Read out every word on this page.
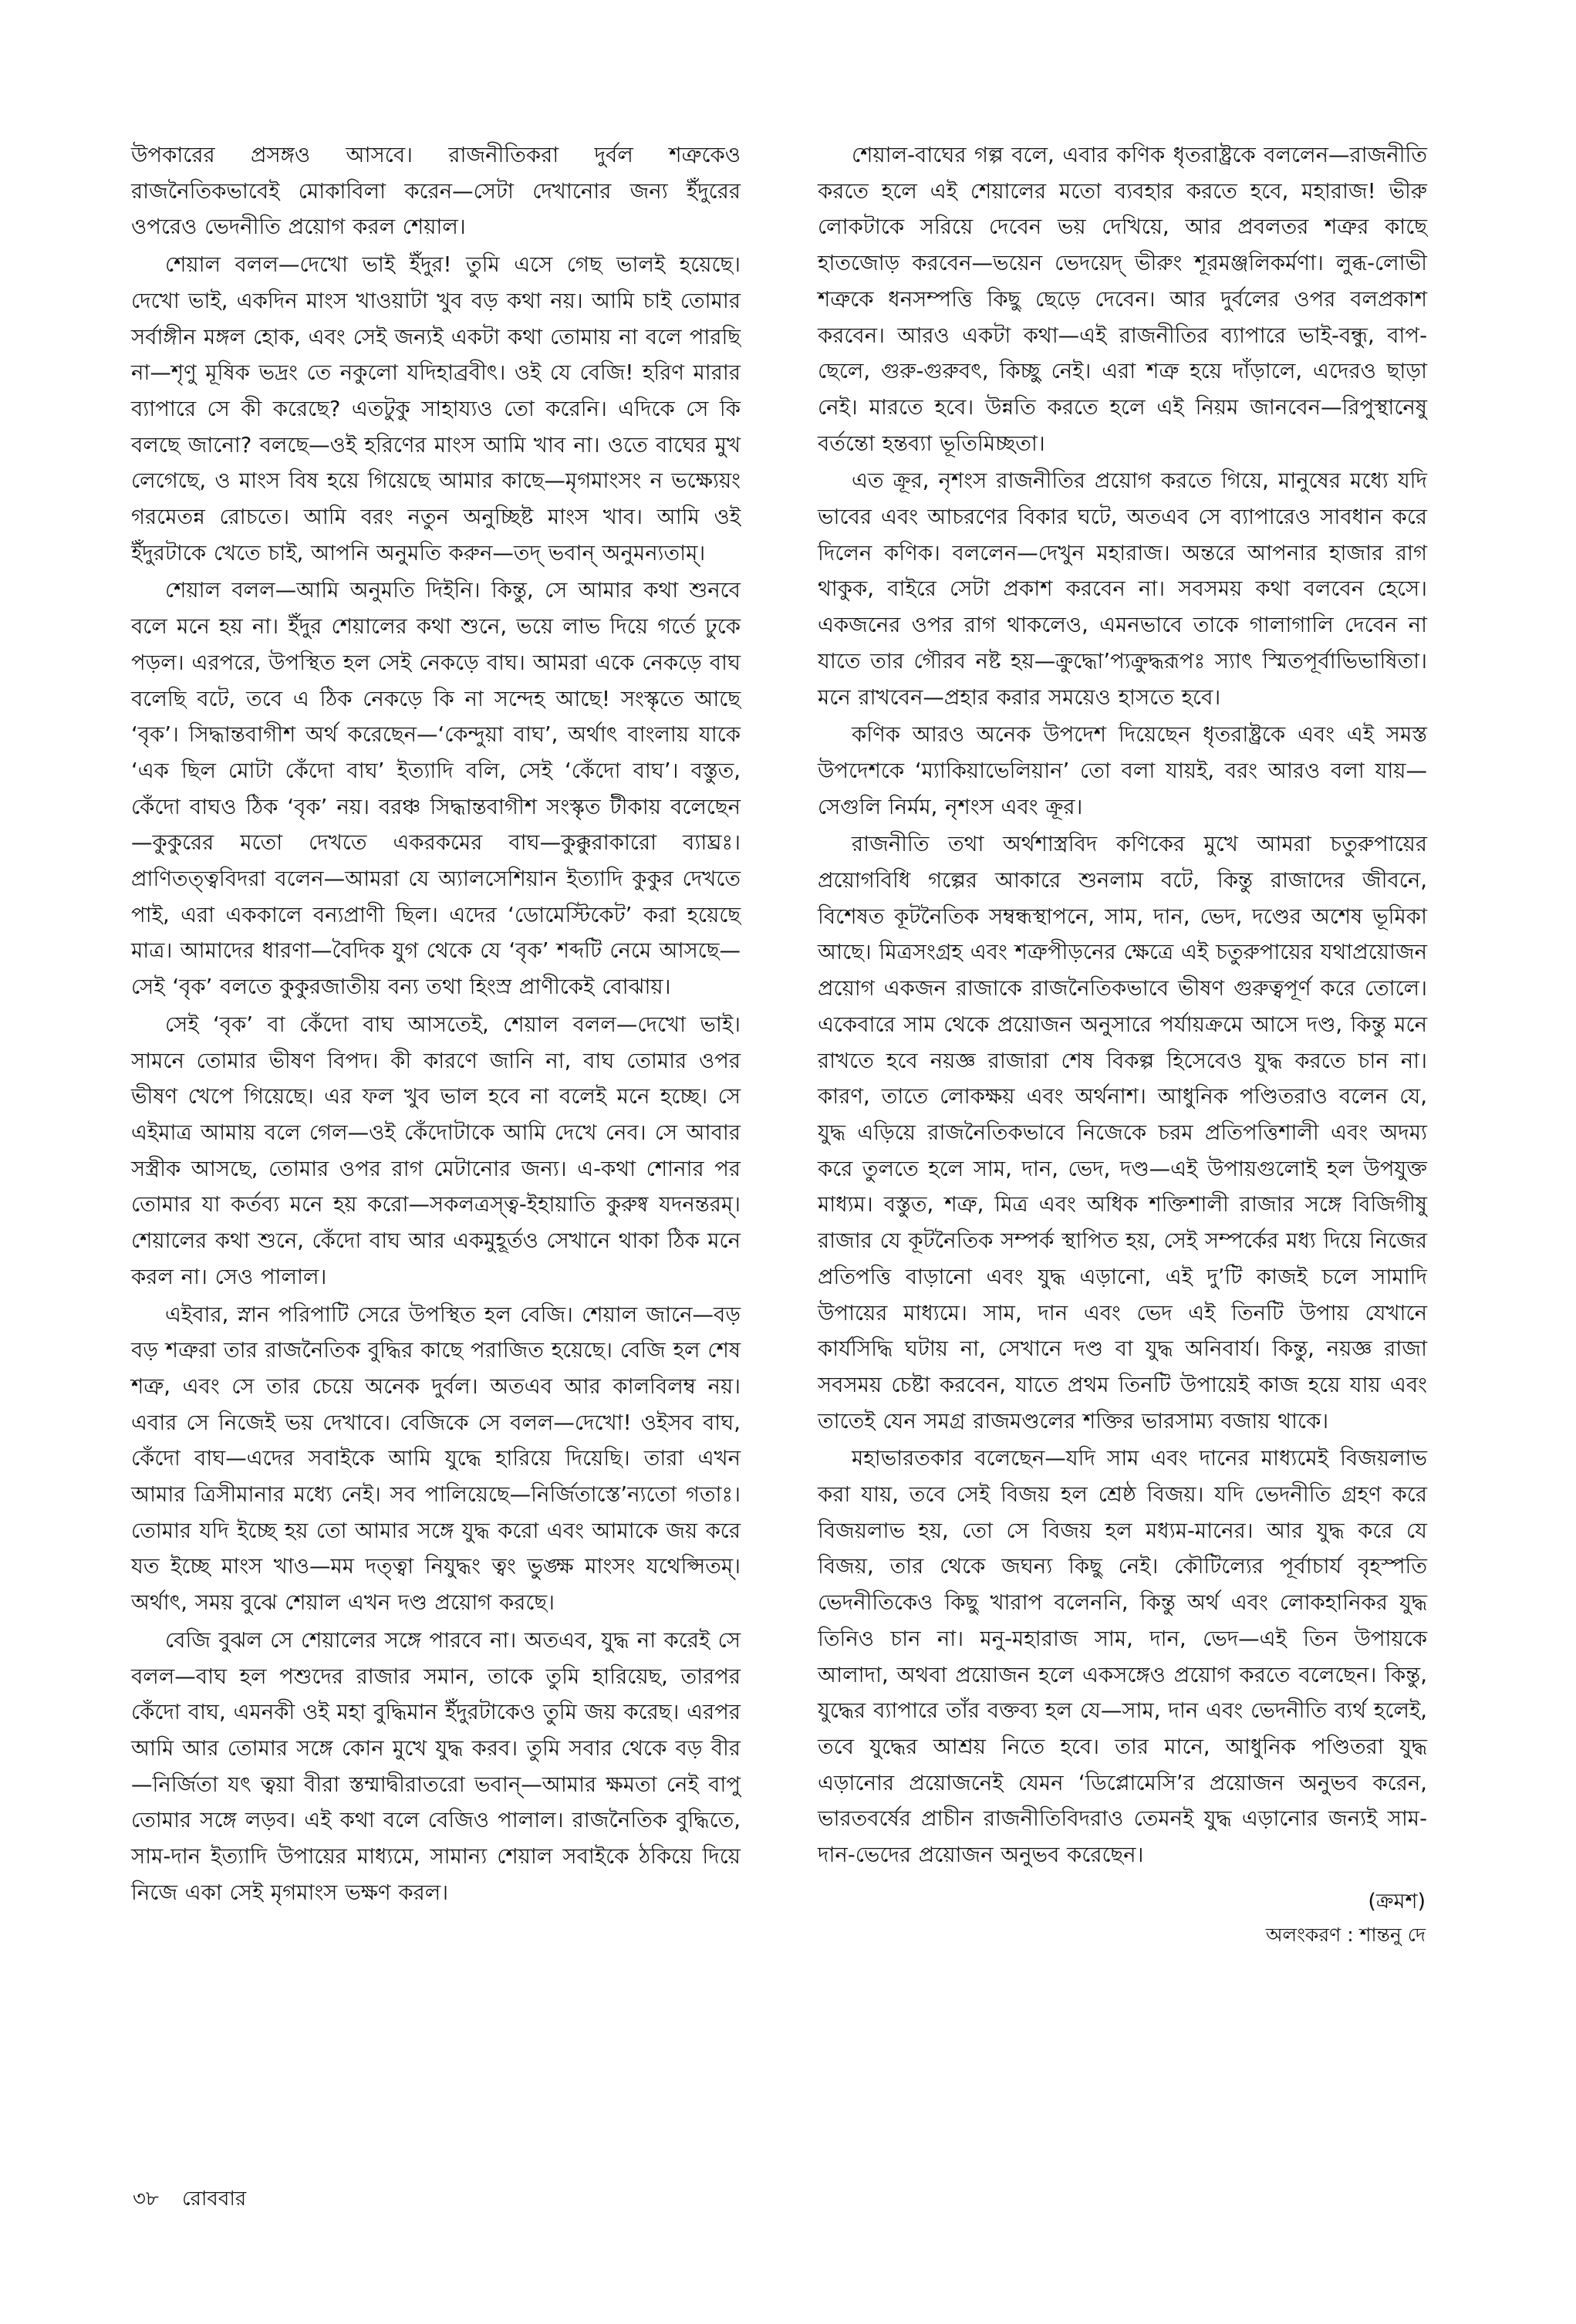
উপকারের প্রসঙ্গও আসবে। রাজনীতিকরা দুর্বল শত্রুকেও রাজনৈতিকভাবেই মোকাবিলা করেন—সেটা দেখানোর জন্য ইঁদুরের ওপরেও ভেদনীতি প্রয়োগ করল শেয়াল।

শেয়াল বলল—দেখো ভাই ইঁদুর! তুমি এসে গেছ ভালই হয়েছে। দেখো ভাই, একদিন মাংস খাওয়াটা খুব বড় কথা নয়। আমি চাই তোমার সর্বাঙ্গীন মঙ্গল হোক, এবং সেই জন্যই একটা কথা তোমায় না বলে পারছি না—শৃণু মূষিক ভদ্রং তে নকুলো যদিহাব্রবীৎ। ওই যে বেজি! হরিণ মারার ব্যাপারে সে কী করেছে? এতটুকু সাহায্যও তো করেনি। এদিকে সে কি বলছে জানো? বলছে—ওই হরিণের মাংস আমি খাব না। ওতে বাঘের মুখ লেগেছে, ও মাংস বিষ হয়ে গিয়েছে আমার কাছে—মৃগমাংসং ন ভক্ষ্যেয়ং গরমেতন্ন রোচতে। আমি বরং নতুন অনুচ্ছিষ্ট মাংস খাব। আমি ওই ইঁদুরটাকে খেতে চাই, আপনি অনুমতি করুন—তদ্ ভবান্ অনুমন্যতাম্।

শেয়াল বলল—আমি অনুমতি দিইনি। কিন্তু, সে আমার কথা শুনবে বলে মনে হয় না। ইঁদুর শেয়ালের কথা শুনে, ভয়ে লাভ দিয়ে গর্তে ঢুকে পড়ল। এরপরে, উপস্থিত হল সেই নেকড়ে বাঘ। আমরা একে নেকড়ে বাঘ বলেছি বটে, তবে এ ঠিক নেকড়ে কি না সন্দেহ আছে! সংস্কৃতে আছে ‘বৃক’। সিদ্ধান্তবাগীশ অর্থ করেছেন—‘কেন্দুয়া বাঘ’, অর্থাৎ বাংলায় যাকে ‘এক ছিল মোটা কেঁদো বাঘ’ ইত্যাদি বলি, সেই ‘কেঁদো বাঘ’। বস্তুত, কেঁদো বাঘও ঠিক ‘বৃক’ নয়। বরঞ্চ সিদ্ধান্তবাগীশ সংস্কৃত টীকায় বলেছেন—কুকুরের মতো দেখতে একরকমের বাঘ—কুক্কুরাকারো ব্যাঘ্রঃ। প্রাণিতত্ত্ববিদরা বলেন—আমরা যে অ্যালসেশিয়ান ইত্যাদি কুকুর দেখতে পাই, এরা এককালে বন্যপ্রাণী ছিল। এদের ‘ডোমেস্টিকেট’ করা হয়েছে মাত্র। আমাদের ধারণা—বৈদিক যুগ থেকে যে ‘বৃক’ শব্দটি নেমে আসছে—সেই ‘বৃক’ বলতে কুকুরজাতীয় বন্য তথা হিংস্র প্রাণীকেই বোঝায়।

সেই ‘বৃক’ বা কেঁদো বাঘ আসতেই, শেয়াল বলল—দেখো ভাই। সামনে তোমার ভীষণ বিপদ। কী কারণে জানি না, বাঘ তোমার ওপর ভীষণ খেপে গিয়েছে। এর ফল খুব ভাল হবে না বলেই মনে হচ্ছে। সে এইমাত্র আমায় বলে গেল—ওই কেঁদোটাকে আমি দেখে নেব। সে আবার সস্ত্রীক আসছে, তোমার ওপর রাগ মেটানোর জন্য। এ-কথা শোনার পর তোমার যা কর্তব্য মনে হয় করো—সকলত্রস্ত্ব-ইহায়াতি কুরুষ্ব যদনন্তরম্। শেয়ালের কথা শুনে, কেঁদো বাঘ আর একমুহূর্তও সেখানে থাকা ঠিক মনে করল না। সেও পালাল।

এইবার, স্নান পরিপাটি সেরে উপস্থিত হল বেজি। শেয়াল জানে—বড় বড় শত্রুরা তার রাজনৈতিক বুদ্ধির কাছে পরাজিত হয়েছে। বেজি হল শেষ শত্রু, এবং সে তার চেয়ে অনেক দুর্বল। অতএব আর কালবিলম্ব নয়। এবার সে নিজেই ভয় দেখাবে। বেজিকে সে বলল—দেখো! ওইসব বাঘ, কেঁদো বাঘ—এদের সবাইকে আমি যুদ্ধে হারিয়ে দিয়েছি। তারা এখন আমার ত্রিসীমানার মধ্যে নেই। সব পালিয়েছে—নির্জিতাস্তে’ন্যতো গতাঃ। তোমার যদি ইচ্ছে হয় তো আমার সঙ্গে যুদ্ধ করো এবং আমাকে জয় করে যত ইচ্ছে মাংস খাও—মম দত্ত্বা নিযুদ্ধং ত্বং ভুঙ্ক্ষ মাংসং যথেপ্সিতম্। অর্থাৎ, সময় বুঝে শেয়াল এখন দণ্ড প্রয়োগ করছে।

বেজি বুঝল সে শেয়ালের সঙ্গে পারবে না। অতএব, যুদ্ধ না করেই সে বলল—বাঘ হল পশুদের রাজার সমান, তাকে তুমি হারিয়েছ, তারপর কেঁদো বাঘ, এমনকী ওই মহা বুদ্ধিমান ইঁদুরটাকেও তুমি জয় করেছ। এরপর আমি আর তোমার সঙ্গে কোন মুখে যুদ্ধ করব। তুমি সবার থেকে বড় বীর—নির্জিতা যৎ ত্বয়া বীরা স্তম্মাদ্বীরাতরো ভবান্—আমার ক্ষমতা নেই বাপু তোমার সঙ্গে লড়ব। এই কথা বলে বেজিও পালাল। রাজনৈতিক বুদ্ধিতে, সাম-দান ইত্যাদি উপায়ের মাধ্যমে, সামান্য শেয়াল সবাইকে ঠকিয়ে দিয়ে নিজে একা সেই মৃগমাংস ভক্ষণ করল।

শেয়াল-বাঘের গল্প বলে, এবার কণিক ধৃতরাষ্ট্রকে বললেন—রাজনীতি করতে হলে এই শেয়ালের মতো ব্যবহার করতে হবে, মহারাজ! ভীরু লোকটাকে সরিয়ে দেবেন ভয় দেখিয়ে, আর প্রবলতর শত্রুর কাছে হাতজোড় করবেন—ভয়েন ভেদয়েদ্ ভীরুং শূরমঞ্জলিকর্মণা। লুব্ধ-লোভী শত্রুকে ধনসম্পত্তি কিছু ছেড়ে দেবেন। আর দুর্বলের ওপর বলপ্রকাশ করবেন। আরও একটা কথা—এই রাজনীতির ব্যাপারে ভাই-বন্ধু, বাপ-ছেলে, গুরু-গুরুবৎ, কিচ্ছু নেই। এরা শত্রু হয়ে দাঁড়ালে, এদেরও ছাড়া নেই। মারতে হবে। উন্নতি করতে হলে এই নিয়ম জানবেন—রিপুস্থানেষু বর্তন্তো হন্তব্যা ভূতিমিচ্ছতা।

এত ক্রূর, নৃশংস রাজনীতির প্রয়োগ করতে গিয়ে, মানুষের মধ্যে যদি ভাবের এবং আচরণের বিকার ঘটে, অতএব সে ব্যাপারেও সাবধান করে দিলেন কণিক। বললেন—দেখুন মহারাজ। অন্তরে আপনার হাজার রাগ থাকুক, বাইরে সেটা প্রকাশ করবেন না। সবসময় কথা বলবেন হেসে। একজনের ওপর রাগ থাকলেও, এমনভাবে তাকে গালাগালি দেবেন না যাতে তার গৌরব নষ্ট হয়—ক্রুদ্ধো’প্যক্রুদ্ধরূপঃ স্যাৎ স্মিতপূর্বাভিভাষিতা। মনে রাখবেন—প্রহার করার সময়েও হাসতে হবে।

কণিক আরও অনেক উপদেশ দিয়েছেন ধৃতরাষ্ট্রকে এবং এই সমস্ত উপদেশকে ‘ম্যাকিয়াভেলিয়ান’ তো বলা যায়ই, বরং আরও বলা যায়—সেগুলি নির্মম, নৃশংস এবং ক্রূর।

রাজনীতি তথা অর্থশাস্ত্রবিদ কণিকের মুখে আমরা চতুরুপায়ের প্রয়োগবিধি গল্পের আকারে শুনলাম বটে, কিন্তু রাজাদের জীবনে, বিশেষত কূটনৈতিক সম্বন্ধস্থাপনে, সাম, দান, ভেদ, দণ্ডের অশেষ ভূমিকা আছে। মিত্রসংগ্রহ এবং শত্রুপীড়নের ক্ষেত্রে এই চতুরুপায়ের যথাপ্রয়োজন প্রয়োগ একজন রাজাকে রাজনৈতিকভাবে ভীষণ গুরুত্বপূর্ণ করে তোলে। একেবারে সাম থেকে প্রয়োজন অনুসারে পর্যায়ক্রমে আসে দণ্ড, কিন্তু মনে রাখতে হবে নয়জ্ঞ রাজারা শেষ বিকল্প হিসেবেও যুদ্ধ করতে চান না। কারণ, তাতে লোকক্ষয় এবং অর্থনাশ। আধুনিক পণ্ডিতরাও বলেন যে, যুদ্ধ এড়িয়ে রাজনৈতিকভাবে নিজেকে চরম প্রতিপত্তিশালী এবং অদম্য করে তুলতে হলে সাম, দান, ভেদ, দণ্ড—এই উপায়গুলোই হল উপযুক্ত মাধ্যম। বস্তুত, শত্রু, মিত্র এবং অধিক শক্তিশালী রাজার সঙ্গে বিজিগীষু রাজার যে কূটনৈতিক সম্পর্ক স্থাপিত হয়, সেই সম্পর্কের মধ্য দিয়ে নিজের প্রতিপত্তি বাড়ানো এবং যুদ্ধ এড়ানো, এই দু’টি কাজই চলে সামাদি উপায়ের মাধ্যমে। সাম, দান এবং ভেদ এই তিনটি উপায় যেখানে কার্যসিদ্ধি ঘটায় না, সেখানে দণ্ড বা যুদ্ধ অনিবার্য। কিন্তু, নয়জ্ঞ রাজা সবসময় চেষ্টা করবেন, যাতে প্রথম তিনটি উপায়েই কাজ হয়ে যায় এবং তাতেই যেন সমগ্র রাজমণ্ডলের শক্তির ভারসাম্য বজায় থাকে।

মহাভারতকার বলেছেন—যদি সাম এবং দানের মাধ্যমেই বিজয়লাভ করা যায়, তবে সেই বিজয় হল শ্রেষ্ঠ বিজয়। যদি ভেদনীতি গ্রহণ করে বিজয়লাভ হয়, তো সে বিজয় হল মধ্যম-মানের। আর যুদ্ধ করে যে বিজয়, তার থেকে জঘন্য কিছু নেই। কৌটিল্যের পূর্বাচার্য বৃহস্পতি ভেদনীতিকেও কিছু খারাপ বলেননি, কিন্তু অর্থ এবং লোকহানিকর যুদ্ধ তিনিও চান না। মনু-মহারাজ সাম, দান, ভেদ—এই তিন উপায়কে আলাদা, অথবা প্রয়োজন হলে একসঙ্গেও প্রয়োগ করতে বলেছেন। কিন্তু, যুদ্ধের ব্যাপারে তাঁর বক্তব্য হল যে—সাম, দান এবং ভেদনীতি ব্যর্থ হলেই, তবে যুদ্ধের আশ্রয় নিতে হবে। তার মানে, আধুনিক পণ্ডিতরা যুদ্ধ এড়ানোর প্রয়োজনেই যেমন ‘ডিপ্লোমেসি’র প্রয়োজন অনুভব করেন, ভারতবর্ষের প্রাচীন রাজনীতিবিদরাও তেমনই যুদ্ধ এড়ানোর জন্যই সাম-দান-ভেদের প্রয়োজন অনুভব করেছেন।

(ক্রমশ)
অলংকরণ : শান্তনু দে
৩৮ রোববার
